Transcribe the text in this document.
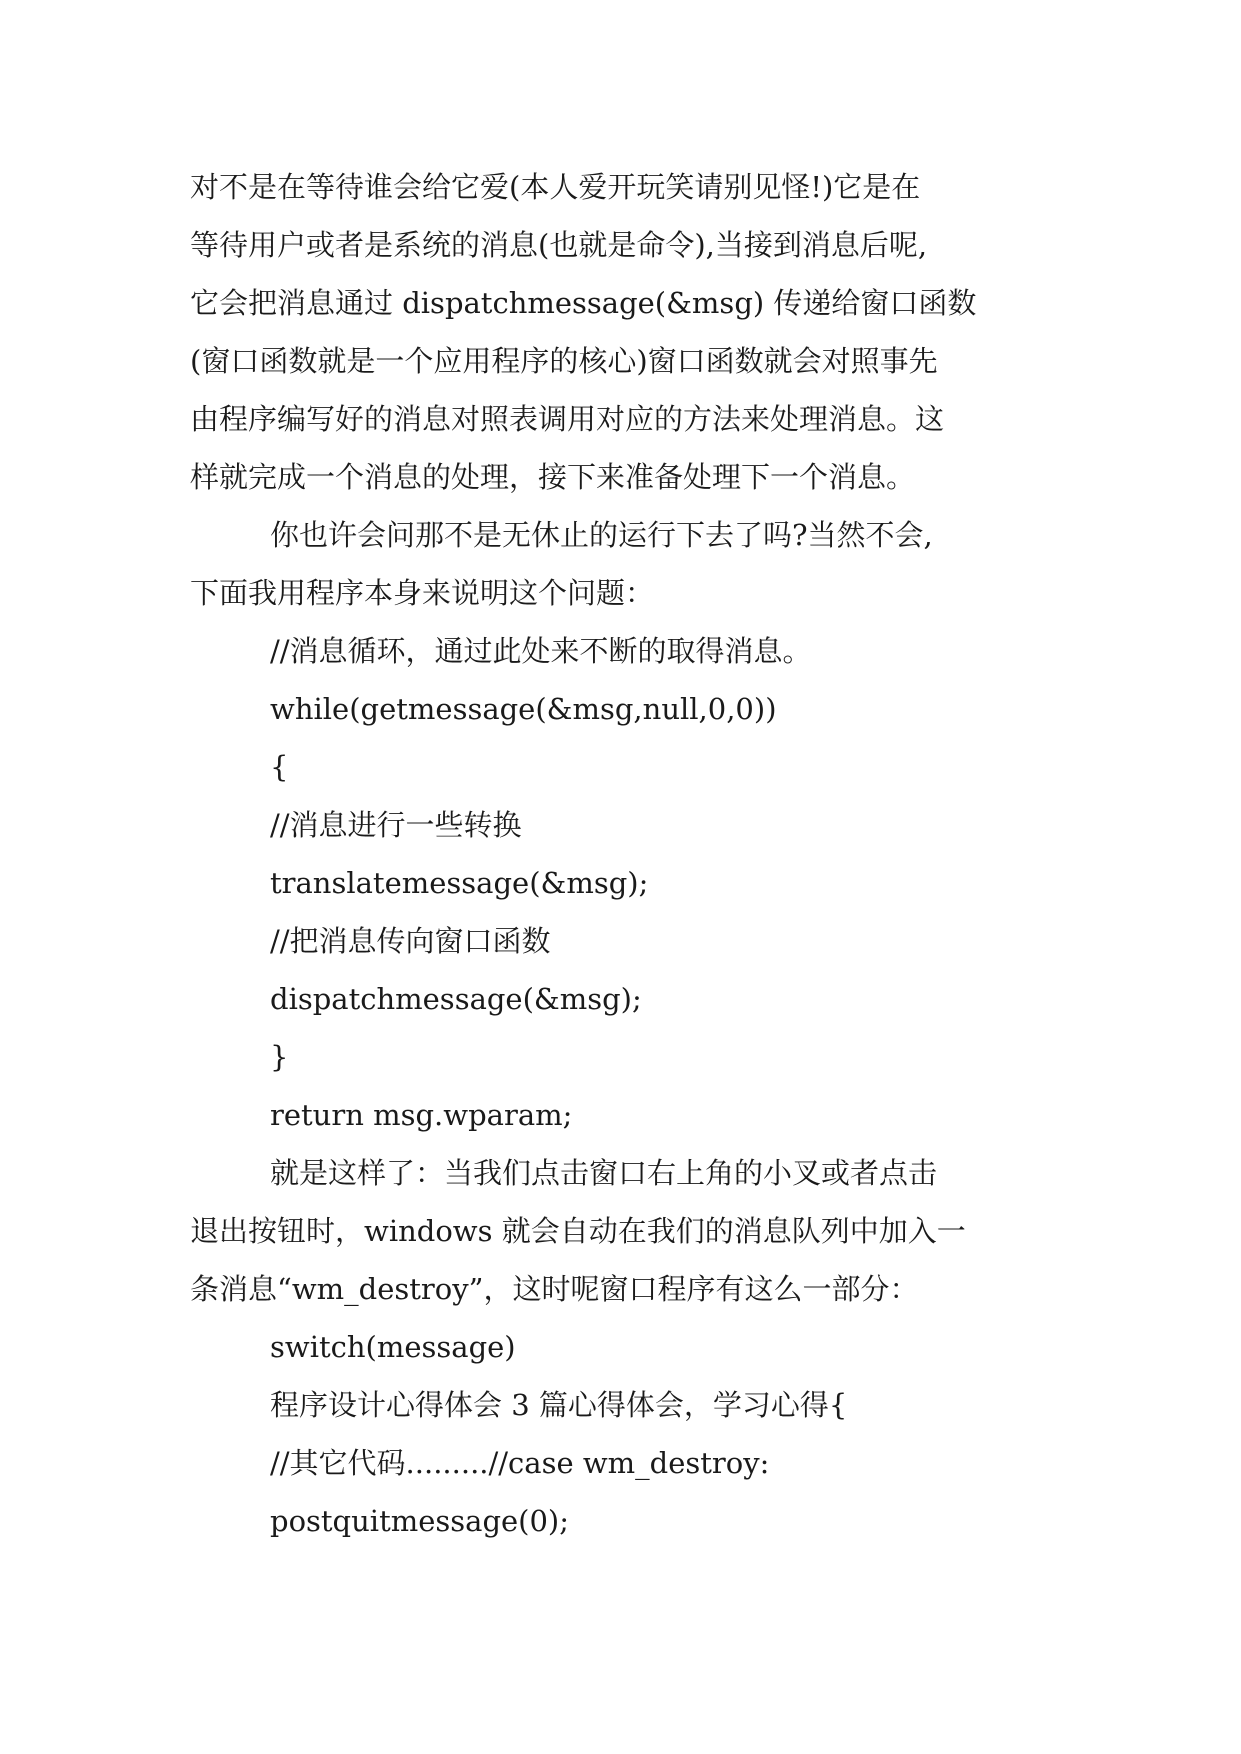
对不是在等待谁会给它爱(本人爱开玩笑请别见怪!)它是在
等待用户或者是系统的消息(也就是命令),当接到消息后呢,
它会把消息通过 dispatchmessage(&msg) 传递给窗口函数
(窗口函数就是一个应用程序的核心)窗口函数就会对照事先
由程序编写好的消息对照表调用对应的方法来处理消息。这
样就完成一个消息的处理，接下来准备处理下一个消息。
你也许会问那不是无休止的运行下去了吗?当然不会,
下面我用程序本身来说明这个问题：
//消息循环，通过此处来不断的取得消息。
while(getmessage(&msg,null,0,0))
{
//消息进行一些转换
translatemessage(&msg);
//把消息传向窗口函数
dispatchmessage(&msg);
}
return msg.wparam;
就是这样了：当我们点击窗口右上角的小叉或者点击
退出按钮时，windows 就会自动在我们的消息队列中加入一
条消息“wm_destroy”，这时呢窗口程序有这么一部分：
switch(message)
程序设计心得体会 3 篇心得体会，学习心得{
//其它代码.........//case wm_destroy:
postquitmessage(0);
